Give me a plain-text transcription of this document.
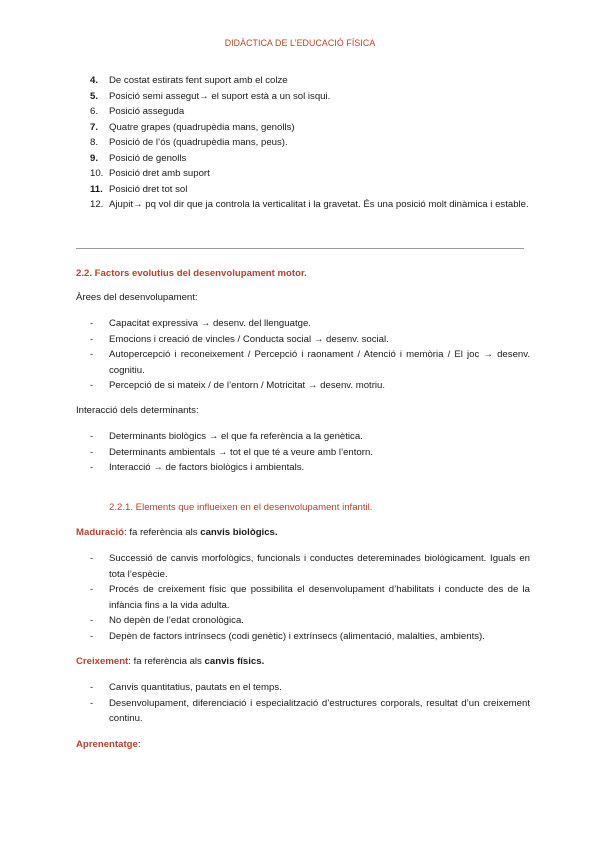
DIDÀCTICA DE L’EDUCACIÓ FÍSICA
4. De costat estirats fent suport amb el colze
5. Posició semi assegut→ el suport està a un sol isqui.
6. Posició asseguda
7. Quatre grapes (quadrupèdia mans, genolls)
8. Posició de l’ós (quadrupèdia mans, peus).
9. Posició de genolls
10. Posició dret amb suport
11. Posició dret tot sol
12. Ajupit→ pq vol dir que ja controla la verticalitat i la gravetat. És una posició molt dinàmica i estable.
2.2. Factors evolutius del desenvolupament motor.
Àrees del desenvolupament:
- Capacitat expressiva → desenv. del llenguatge.
- Emocions i creació de vincles / Conducta social → desenv. social.
- Autopercepció i reconeixement / Percepció i raonament / Atenció i memòria / El joc → desenv. cognitiu.
- Percepció de si mateix / de l’entorn / Motricitat → desenv. motriu.
Interacció dels determinants:
- Determinants biològics → el que fa referència a la genètica.
- Determinants ambientals → tot el que té a veure amb l’entorn.
- Interacció → de factors biològics i ambientals.
2.2.1. Elements que influeixen en el desenvolupament infantil.
Maduració: fa referència als canvis biològics.
- Successió de canvis morfològics, funcionals i conductes detereminades biològicament. Iguals en tota l’espècie.
- Procés de creixement físic que possibilita el desenvolupament d’habilitats i conducte des de la infància fins a la vida adulta.
- No depèn de l’edat cronològica.
- Depèn de factors intrínsecs (codi genètic) i extrínsecs (alimentació, malalties, ambients).
Creixement: fa referència als canvis físics.
- Canvis quantitatius, pautats en el temps.
- Desenvolupament, diferenciació i especialització d’estructures corporals, resultat d’un creixement continu.
Aprenentatge:
